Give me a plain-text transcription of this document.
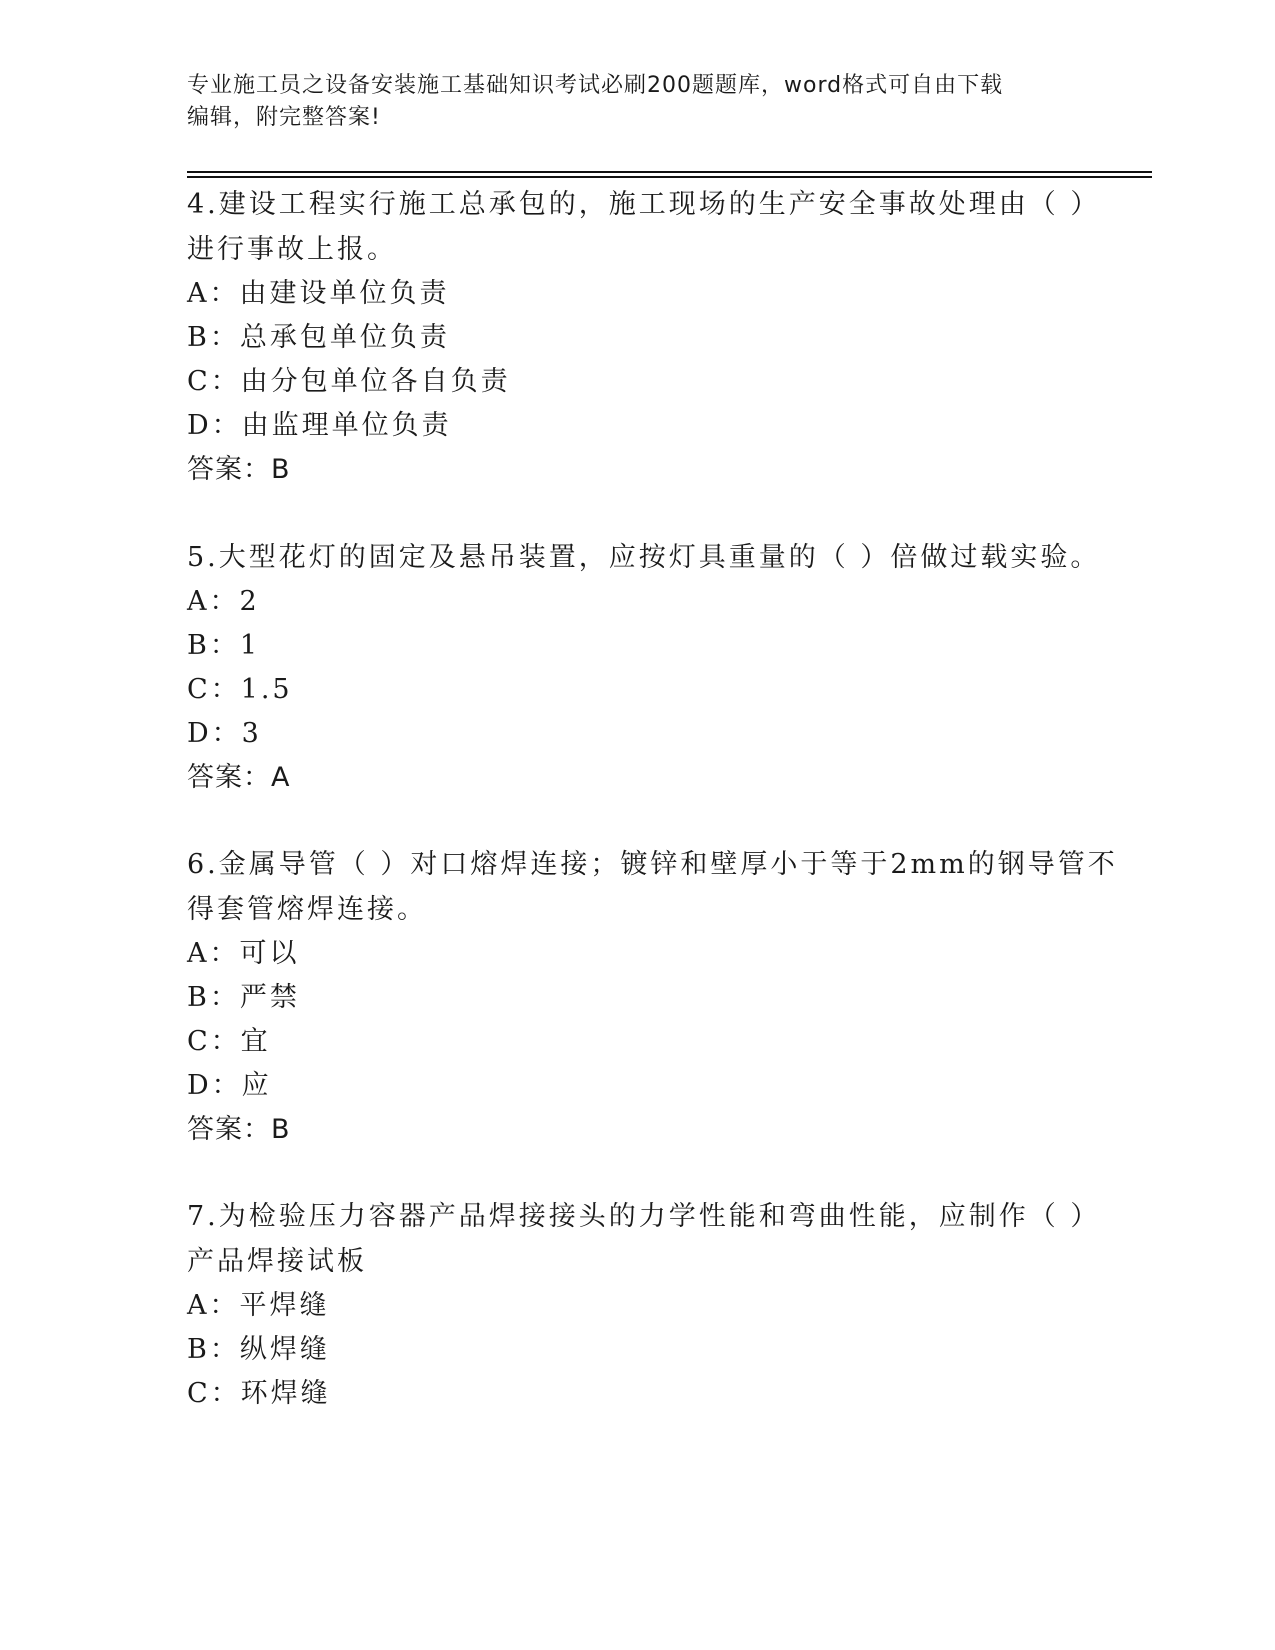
专业施工员之设备安装施工基础知识考试必刷200题题库，word格式可自由下载
编辑，附完整答案!
4.建设工程实行施工总承包的，施工现场的生产安全事故处理由（ ）
进行事故上报。
A：由建设单位负责
B：总承包单位负责
C：由分包单位各自负责
D：由监理单位负责
答案：B
5.大型花灯的固定及悬吊装置，应按灯具重量的（ ）倍做过载实验。
A：2
B：1
C：1.5
D：3
答案：A
6.金属导管（ ）对口熔焊连接；镀锌和壁厚小于等于2mm的钢导管不
得套管熔焊连接。
A：可以
B：严禁
C：宜
D：应
答案：B
7.为检验压力容器产品焊接接头的力学性能和弯曲性能，应制作（ ）
产品焊接试板
A：平焊缝
B：纵焊缝
C：环焊缝
